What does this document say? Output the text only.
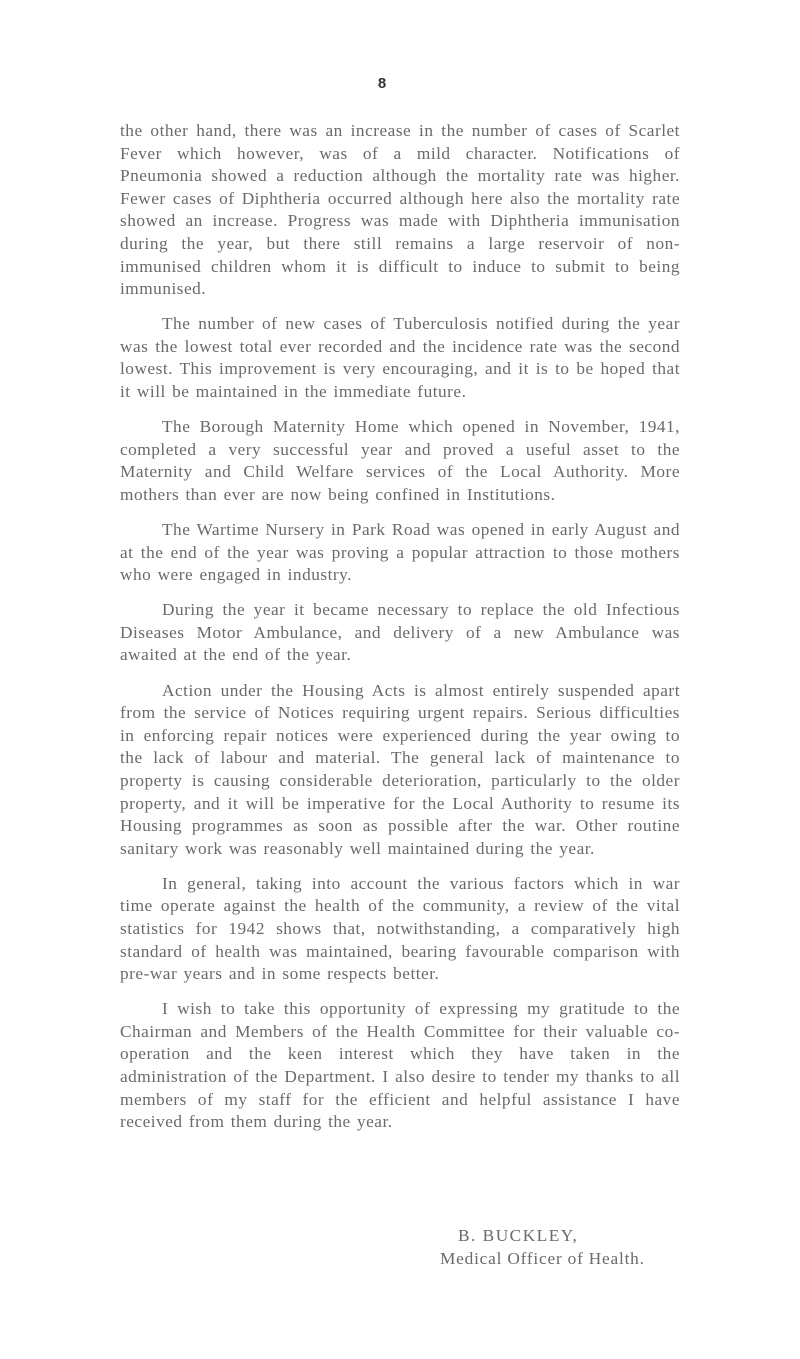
8

the other hand, there was an increase in the number of cases of Scarlet Fever which however, was of a mild character. Notifications of Pneumonia showed a reduction although the mortality rate was higher. Fewer cases of Diphtheria occurred although here also the mortality rate showed an increase. Progress was made with Diphtheria immunisation during the year, but there still remains a large reservoir of non-immunised children whom it is difficult to induce to submit to being immunised.

The number of new cases of Tuberculosis notified during the year was the lowest total ever recorded and the incidence rate was the second lowest. This improvement is very encouraging, and it is to be hoped that it will be maintained in the immediate future.

The Borough Maternity Home which opened in November, 1941, completed a very successful year and proved a useful asset to the Maternity and Child Welfare services of the Local Authority. More mothers than ever are now being confined in Institutions.

The Wartime Nursery in Park Road was opened in early August and at the end of the year was proving a popular attraction to those mothers who were engaged in industry.

During the year it became necessary to replace the old Infectious Diseases Motor Ambulance, and delivery of a new Ambulance was awaited at the end of the year.

Action under the Housing Acts is almost entirely suspended apart from the service of Notices requiring urgent repairs. Serious difficulties in enforcing repair notices were experienced during the year owing to the lack of labour and material. The general lack of maintenance to property is causing considerable deterioration, particularly to the older property, and it will be imperative for the Local Authority to resume its Housing programmes as soon as possible after the war. Other routine sanitary work was reasonably well maintained during the year.

In general, taking into account the various factors which in war time operate against the health of the community, a review of the vital statistics for 1942 shows that, notwithstanding, a comparatively high standard of health was maintained, bearing favourable comparison with pre-war years and in some respects better.

I wish to take this opportunity of expressing my gratitude to the Chairman and Members of the Health Committee for their valuable co-operation and the keen interest which they have taken in the administration of the Department. I also desire to tender my thanks to all members of my staff for the efficient and helpful assistance I have received from them during the year.

B. BUCKLEY,
Medical Officer of Health.
